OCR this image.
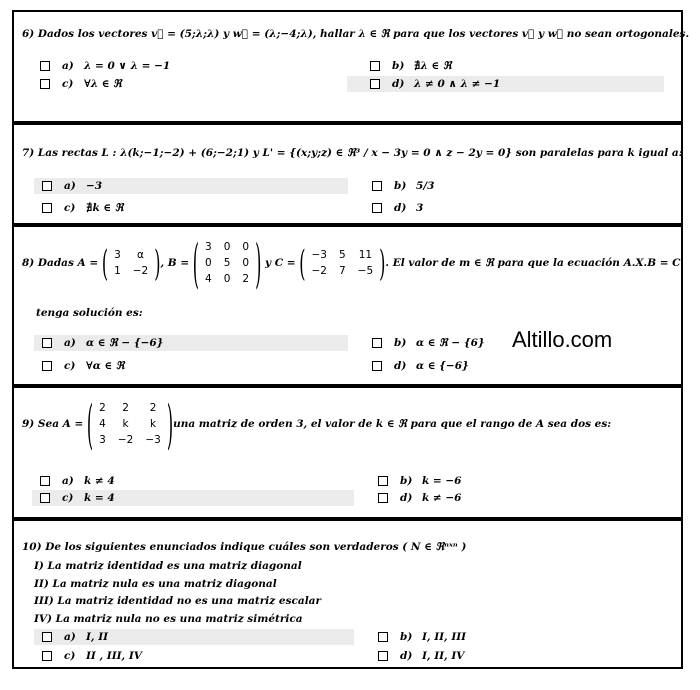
6) Dados los vectores v⃗ = (5;λ;λ) y w⃗ = (λ;−4;λ), hallar λ ∈ ℜ para que los vectores v⃗ y w⃗ no sean ortogonales.
a) λ = 0 ∨ λ = −1	b) ∄λ ∈ ℜ
c) ∀λ ∈ ℜ	d) λ ≠ 0 ∧ λ ≠ −1
7) Las rectas L : λ(k;−1;−2) + (6;−2;1) y L' = {(x;y;z) ∈ ℜ³ / x − 3y = 0 ∧ z − 2y = 0} son paralelas para k igual a:
a) −3	b) 5/3
c) ∄k ∈ ℜ	d) 3
8) Dadas A = ( 3	α
1	−2 ), B = ( 3	0	0
0	5	0
4	0	2 ) y C = ( −3	5	11
−2	7	−5 ). El valor de m ∈ ℜ para que la ecuación A.X.B = C
tenga solución es:
a) α ∈ ℜ − {−6}	b) α ∈ ℜ − {6}
c) ∀α ∈ ℜ	d) α ∈ {−6}
Altillo.com
9) Sea A = ( 2	2	2
4	k	k
3	−2	−3 )una matriz de orden 3, el valor de k ∈ ℜ para que el rango de A sea dos es:
a) k ≠ 4	b) k = −6
c) k = 4	d) k ≠ −6
10) De los siguientes enunciados indique cuáles son verdaderos ( N ∈ ℜⁿˣⁿ )
I) La matriz identidad es una matriz diagonal
II) La matriz nula es una matriz diagonal
III) La matriz identidad no es una matriz escalar
IV) La matriz nula no es una matriz simétrica
a) I, II	b) I, II, III
c) II , III, IV	d) I, II, IV
